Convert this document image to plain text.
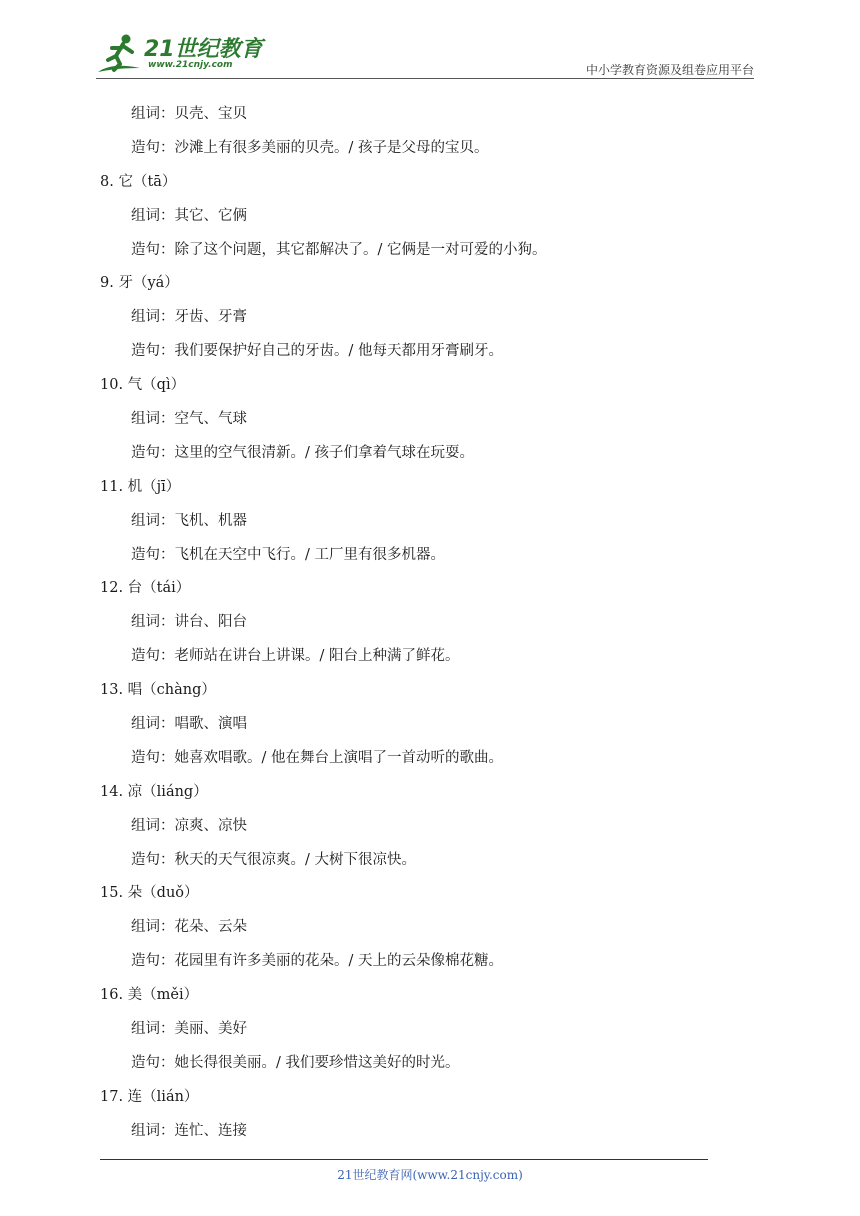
21世纪教育
www.21cnjy.com	中小学教育资源及组卷应用平台
组词：贝壳、宝贝
造句：沙滩上有很多美丽的贝壳。/ 孩子是父母的宝贝。
8. 它（tā）
组词：其它、它俩
造句：除了这个问题，其它都解决了。/ 它俩是一对可爱的小狗。
9. 牙（yá）
组词：牙齿、牙膏
造句：我们要保护好自己的牙齿。/ 他每天都用牙膏刷牙。
10. 气（qì）
组词：空气、气球
造句：这里的空气很清新。/ 孩子们拿着气球在玩耍。
11. 机（jī）
组词：飞机、机器
造句：飞机在天空中飞行。/ 工厂里有很多机器。
12. 台（tái）
组词：讲台、阳台
造句：老师站在讲台上讲课。/ 阳台上种满了鲜花。
13. 唱（chàng）
组词：唱歌、演唱
造句：她喜欢唱歌。/ 他在舞台上演唱了一首动听的歌曲。
14. 凉（liáng）
组词：凉爽、凉快
造句：秋天的天气很凉爽。/ 大树下很凉快。
15. 朵（duǒ）
组词：花朵、云朵
造句：花园里有许多美丽的花朵。/ 天上的云朵像棉花糖。
16. 美（měi）
组词：美丽、美好
造句：她长得很美丽。/ 我们要珍惜这美好的时光。
17. 连（lián）
组词：连忙、连接
21世纪教育网(www.21cnjy.com)
